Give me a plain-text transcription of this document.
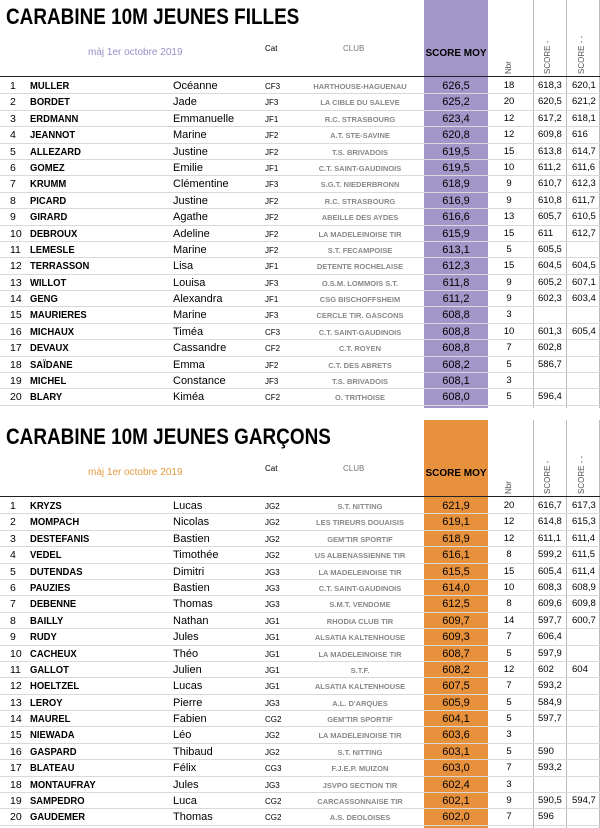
CARABINE 10M JEUNES FILLES
màj 1er octobre 2019	Cat	CLUB	SCORE MOY
Nbr	SCORE -	SCORE - -
1 MULLER	Océanne	CF3	HARTHOUSE-HAGUENAU	626,5	18	618,3 620,1
2 BORDET	Jade	JF3	LA CIBLE DU SALEVE	625,2	20	620,5 621,2
3 ERDMANN	Emmanuelle	JF1	R.C. STRASBOURG	623,4	12	617,2 618,1
4 JEANNOT	Marine	JF2	A.T. STE-SAVINE	620,8	12	609,8 616
5 ALLEZARD	Justine	JF2	T.S. BRIVADOIS	619,5	15	613,8 614,7
6 GOMEZ	Emilie	JF1	C.T. SAINT-GAUDINOIS	619,5	10	611,2 611,6
7 KRUMM	Clémentine	JF3	S.G.T. NIEDERBRONN	618,9	9	610,7 612,3
8 PICARD	Justine	JF2	R.C. STRASBOURG	616,9	9	610,8 611,7
9 GIRARD	Agathe	JF2	ABEILLE DES AYDES	616,6	13	605,7 610,5
10 DEBROUX	Adeline	JF2	LA MADELEINOISE TIR	615,9	15	611 612,7
11 LEMESLE	Marine	JF2	S.T. FECAMPOISE	613,1	5	605,5
12 TERRASSON	Lisa	JF1	DETENTE ROCHELAISE	612,3	15	604,5 604,5
13 WILLOT	Louisa	JF3	O.S.M. LOMMOIS S.T.	611,8	9	605,2 607,1
14 GENG	Alexandra	JF1	CSG BISCHOFFSHEIM	611,2	9	602,3 603,4
15 MAURIERES	Marine	JF3	CERCLE TIR. GASCONS	608,8	3
16 MICHAUX	Timéa	CF3	C.T. SAINT-GAUDINOIS	608,8	10	601,3 605,4
17 DEVAUX	Cassandre	CF2	C.T. ROYEN	608,8	7	602,8
18 SAÏDANE	Emma	JF2	C.T. DES ABRETS	608,2	5	586,7
19 MICHEL	Constance	JF3	T.S. BRIVADOIS	608,1	3
20 BLARY	Kiméa	CF2	O. TRITHOISE	608,0	5	596,4
CARABINE 10M JEUNES GARÇONS
màj 1er octobre 2019	Cat	CLUB	SCORE MOY
Nbr	SCORE -	SCORE - -
1 KRYZS	Lucas	JG2	S.T. NITTING	621,9	20	616,7 617,3
2 MOMPACH	Nicolas	JG2	LES TIREURS DOUAISIS	619,1	12	614,8 615,3
3 DESTEFANIS	Bastien	JG2	GEM'TIR SPORTIF	618,9	12	611,1 611,4
4 VEDEL	Timothée	JG2	US ALBENASSIENNE TIR	616,1	8	599,2 611,5
5 DUTENDAS	Dimitri	JG3	LA MADELEINOISE TIR	615,5	15	605,4 611,4
6 PAUZIES	Bastien	JG3	C.T. SAINT-GAUDINOIS	614,0	10	608,3 608,9
7 DEBENNE	Thomas	JG3	S.M.T. VENDOME	612,5	8	609,6 609,8
8 BAILLY	Nathan	JG1	RHODIA CLUB TIR	609,7	14	597,7 600,7
9 RUDY	Jules	JG1	ALSATIA KALTENHOUSE	609,3	7	606,4
10 CACHEUX	Théo	JG1	LA MADELEINOISE TIR	608,7	5	597,9
11 GALLOT	Julien	JG1	S.T.F.	608,2	12	602 604
12 HOELTZEL	Lucas	JG1	ALSATIA KALTENHOUSE	607,5	7	593,2
13 LEROY	Pierre	JG3	A.L. D'ARQUES	605,9	5	584,9
14 MAUREL	Fabien	CG2	GEM'TIR SPORTIF	604,1	5	597,7
15 NIEWADA	Léo	JG2	LA MADELEINOISE TIR	603,6	3
16 GASPARD	Thibaud	JG2	S.T. NITTING	603,1	5	590
17 BLATEAU	Félix	CG3	F.J.E.P. MUIZON	603,0	7	593,2
18 MONTAUFRAY	Jules	JG3	JSVPO SECTION TIR	602,4	3
19 SAMPEDRO	Luca	CG2	CARCASSONNAISE TIR	602,1	9	590,5 594,7
20 GAUDEMER	Thomas	CG2	A.S. DEOLOISES	602,0	7	596
